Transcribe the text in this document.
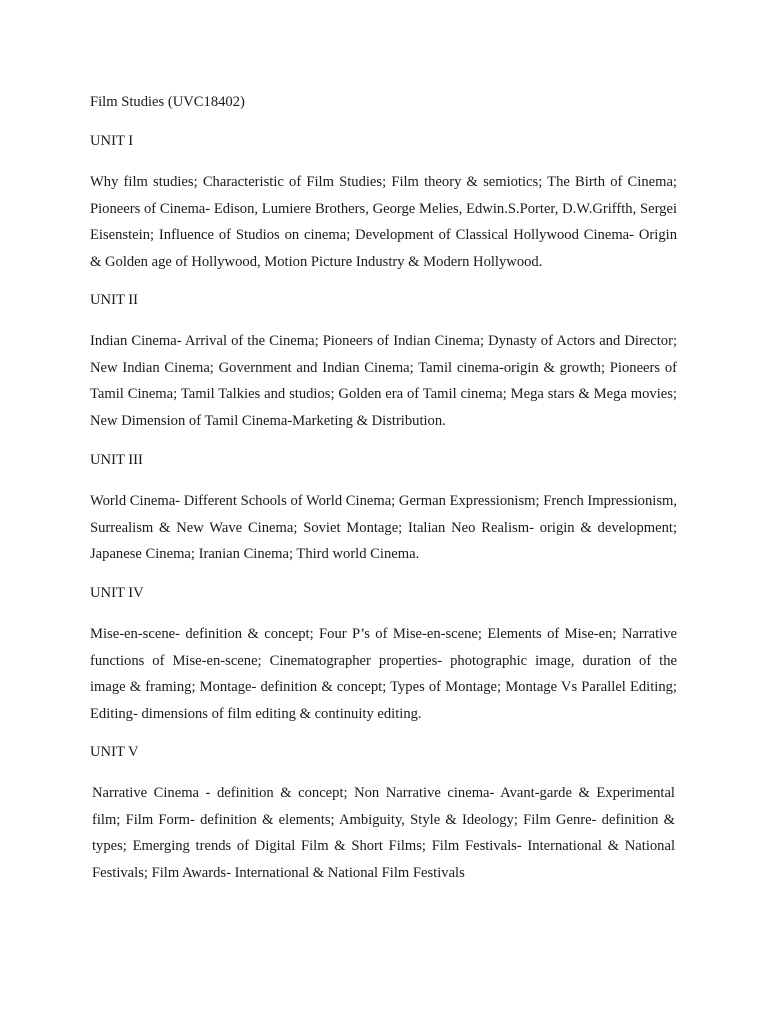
Film Studies (UVC18402)
UNIT I
Why film studies; Characteristic of Film Studies; Film theory & semiotics; The Birth of Cinema; Pioneers of Cinema- Edison, Lumiere Brothers, George Melies, Edwin.S.Porter, D.W.Griffth, Sergei Eisenstein; Influence of Studios on cinema; Development of Classical Hollywood Cinema- Origin & Golden age of Hollywood, Motion Picture Industry & Modern Hollywood.
UNIT II
Indian Cinema- Arrival of the Cinema; Pioneers of Indian Cinema; Dynasty of Actors and Director; New Indian Cinema; Government and Indian Cinema; Tamil cinema-origin & growth; Pioneers of Tamil Cinema; Tamil Talkies and studios; Golden era of Tamil cinema; Mega stars & Mega movies; New Dimension of Tamil Cinema-Marketing & Distribution.
UNIT III
World Cinema- Different Schools of World Cinema; German Expressionism; French Impressionism, Surrealism & New Wave Cinema; Soviet Montage; Italian Neo Realism- origin & development; Japanese Cinema; Iranian Cinema; Third world Cinema.
UNIT IV
Mise-en-scene- definition & concept; Four P’s of Mise-en-scene; Elements of Mise-en; Narrative functions of Mise-en-scene; Cinematographer properties- photographic image, duration of the image & framing; Montage- definition & concept; Types of Montage; Montage Vs Parallel Editing; Editing- dimensions of film editing & continuity editing.
UNIT V
Narrative Cinema - definition & concept; Non Narrative cinema- Avant-garde & Experimental film; Film Form- definition & elements; Ambiguity, Style & Ideology; Film Genre- definition & types; Emerging trends of Digital Film & Short Films; Film Festivals- International & National Festivals; Film Awards- International & National Film Festivals
